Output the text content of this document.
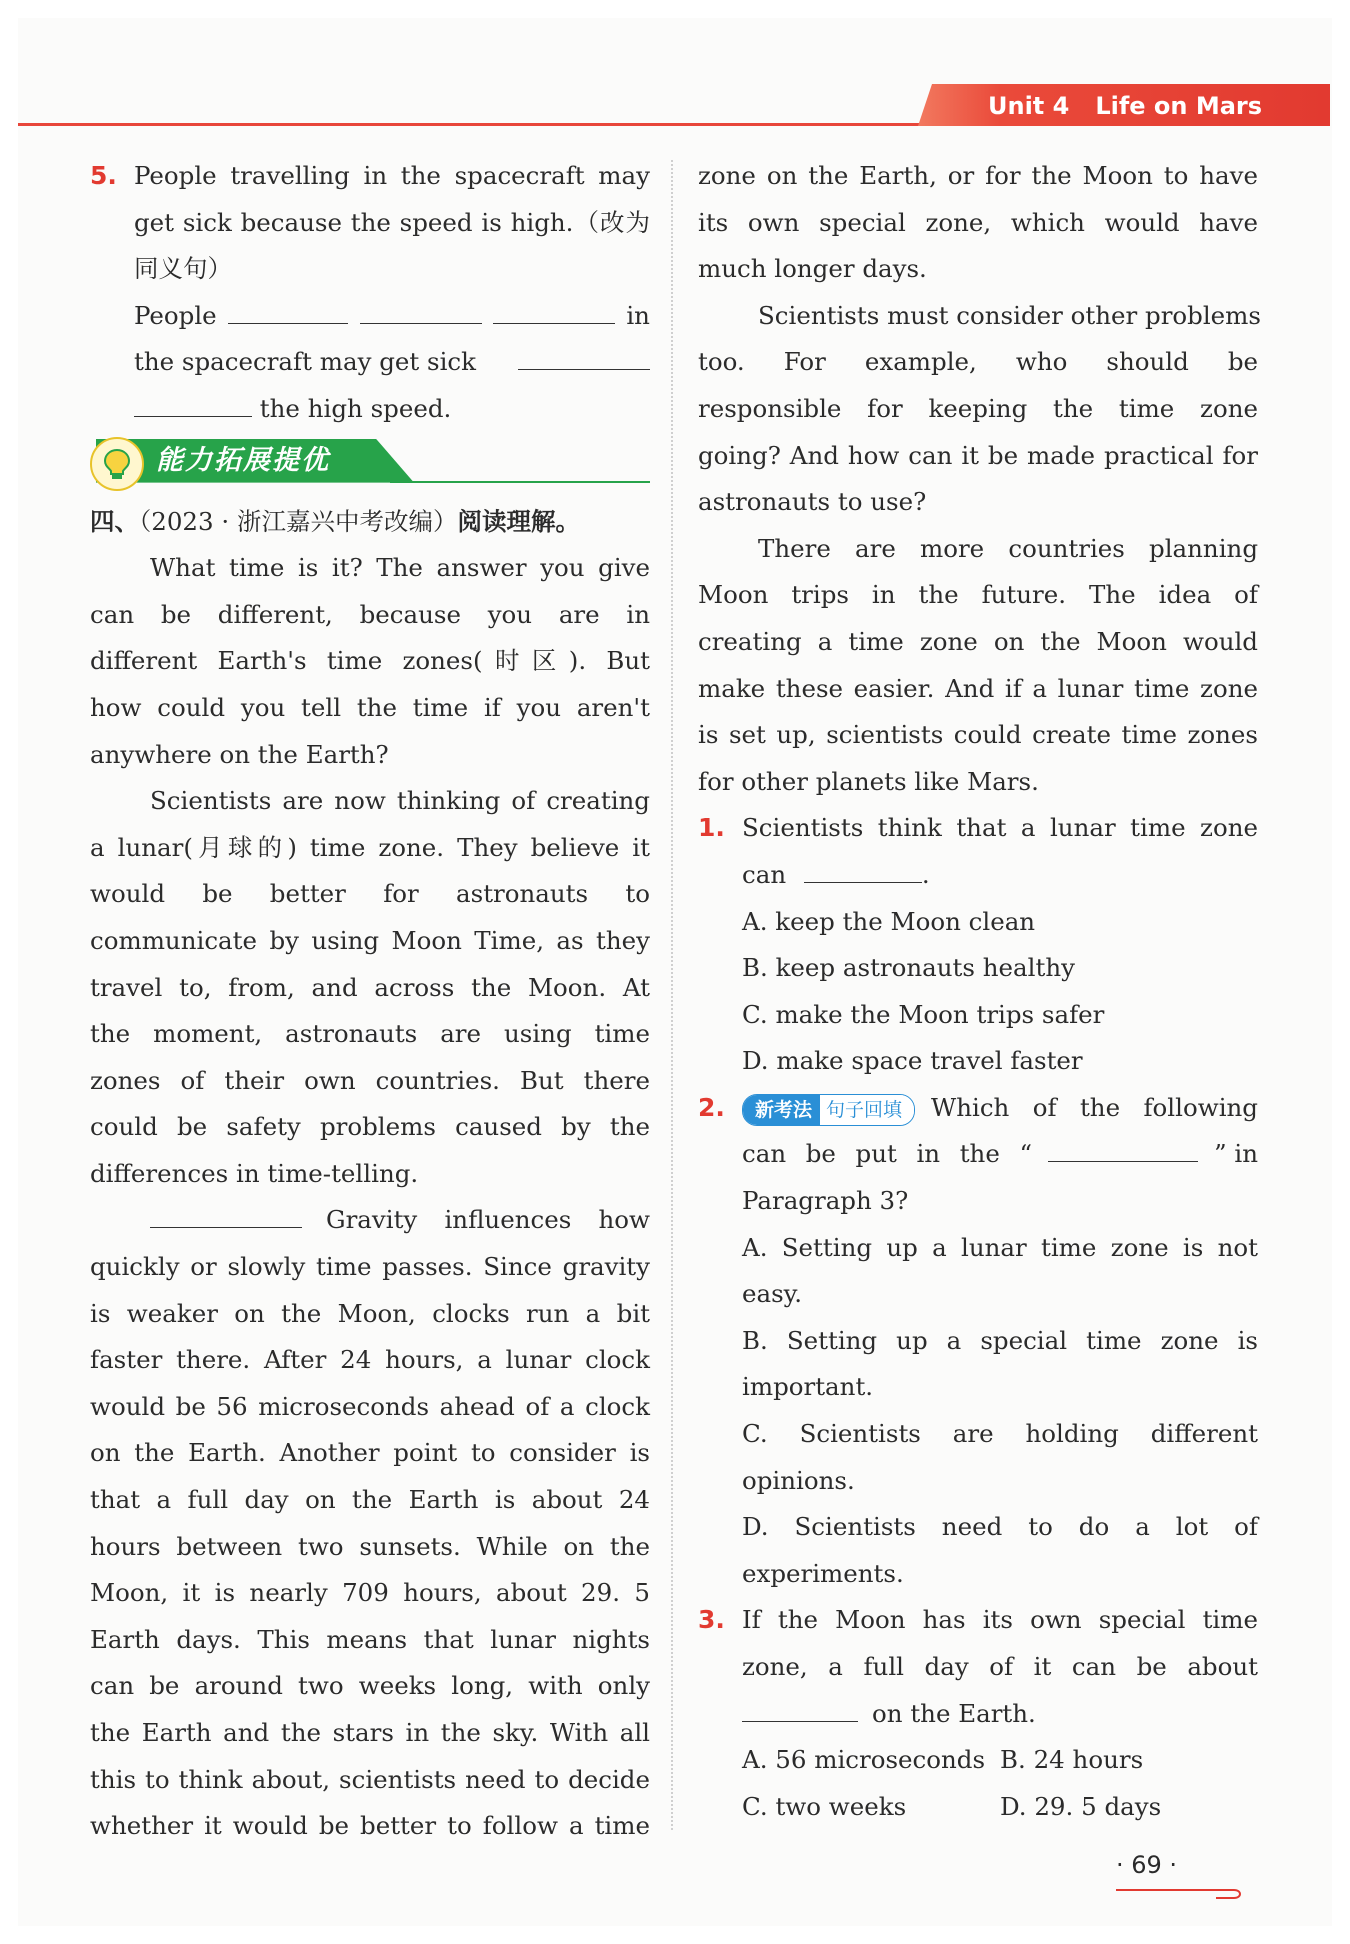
Unit 4 Life on Mars
5. People travelling in the spacecraft may
get sick because the speed is high.（改为
同义句）
People	in
the spacecraft may get sick
the high speed.
能力拓展提优
四、（2023 · 浙江嘉兴中考改编）阅读理解。
What time is it? The answer you give
can be different, because you are in
different Earth's time zones(时区). But
how could you tell the time if you aren't
anywhere on the Earth?
Scientists are now thinking of creating
a lunar(月球的) time zone. They believe it
would be better for astronauts to
communicate by using Moon Time, as they
travel to, from, and across the Moon. At
the moment, astronauts are using time
zones of their own countries. But there
could be safety problems caused by the
differences in time-telling.
Gravity influences how
quickly or slowly time passes. Since gravity
is weaker on the Moon, clocks run a bit
faster there. After 24 hours, a lunar clock
would be 56 microseconds ahead of a clock
on the Earth. Another point to consider is
that a full day on the Earth is about 24
hours between two sunsets. While on the
Moon, it is nearly 709 hours, about 29. 5
Earth days. This means that lunar nights
can be around two weeks long, with only
the Earth and the stars in the sky. With all
this to think about, scientists need to decide
whether it would be better to follow a time
zone on the Earth, or for the Moon to have
its own special zone, which would have
much longer days.
Scientists must consider other problems
too. For example, who should be
responsible for keeping the time zone
going? And how can it be made practical for
astronauts to use?
There are more countries planning
Moon trips in the future. The idea of
creating a time zone on the Moon would
make these easier. And if a lunar time zone
is set up, scientists could create time zones
for other planets like Mars.
1. Scientists think that a lunar time zone
can	.
A. keep the Moon clean
B. keep astronauts healthy
C. make the Moon trips safer
D. make space travel faster
2.	新考法 句子回填	Which of the following
can be put in the “	” in
Paragraph 3?
A. Setting up a lunar time zone is not
easy.
B. Setting up a special time zone is
important.
C. Scientists are holding different
opinions.
D. Scientists need to do a lot of
experiments.
3. If the Moon has its own special time
zone, a full day of it can be about
on the Earth.
A. 56 microseconds B. 24 hours
C. two weeks	D. 29. 5 days
· 69 ·
